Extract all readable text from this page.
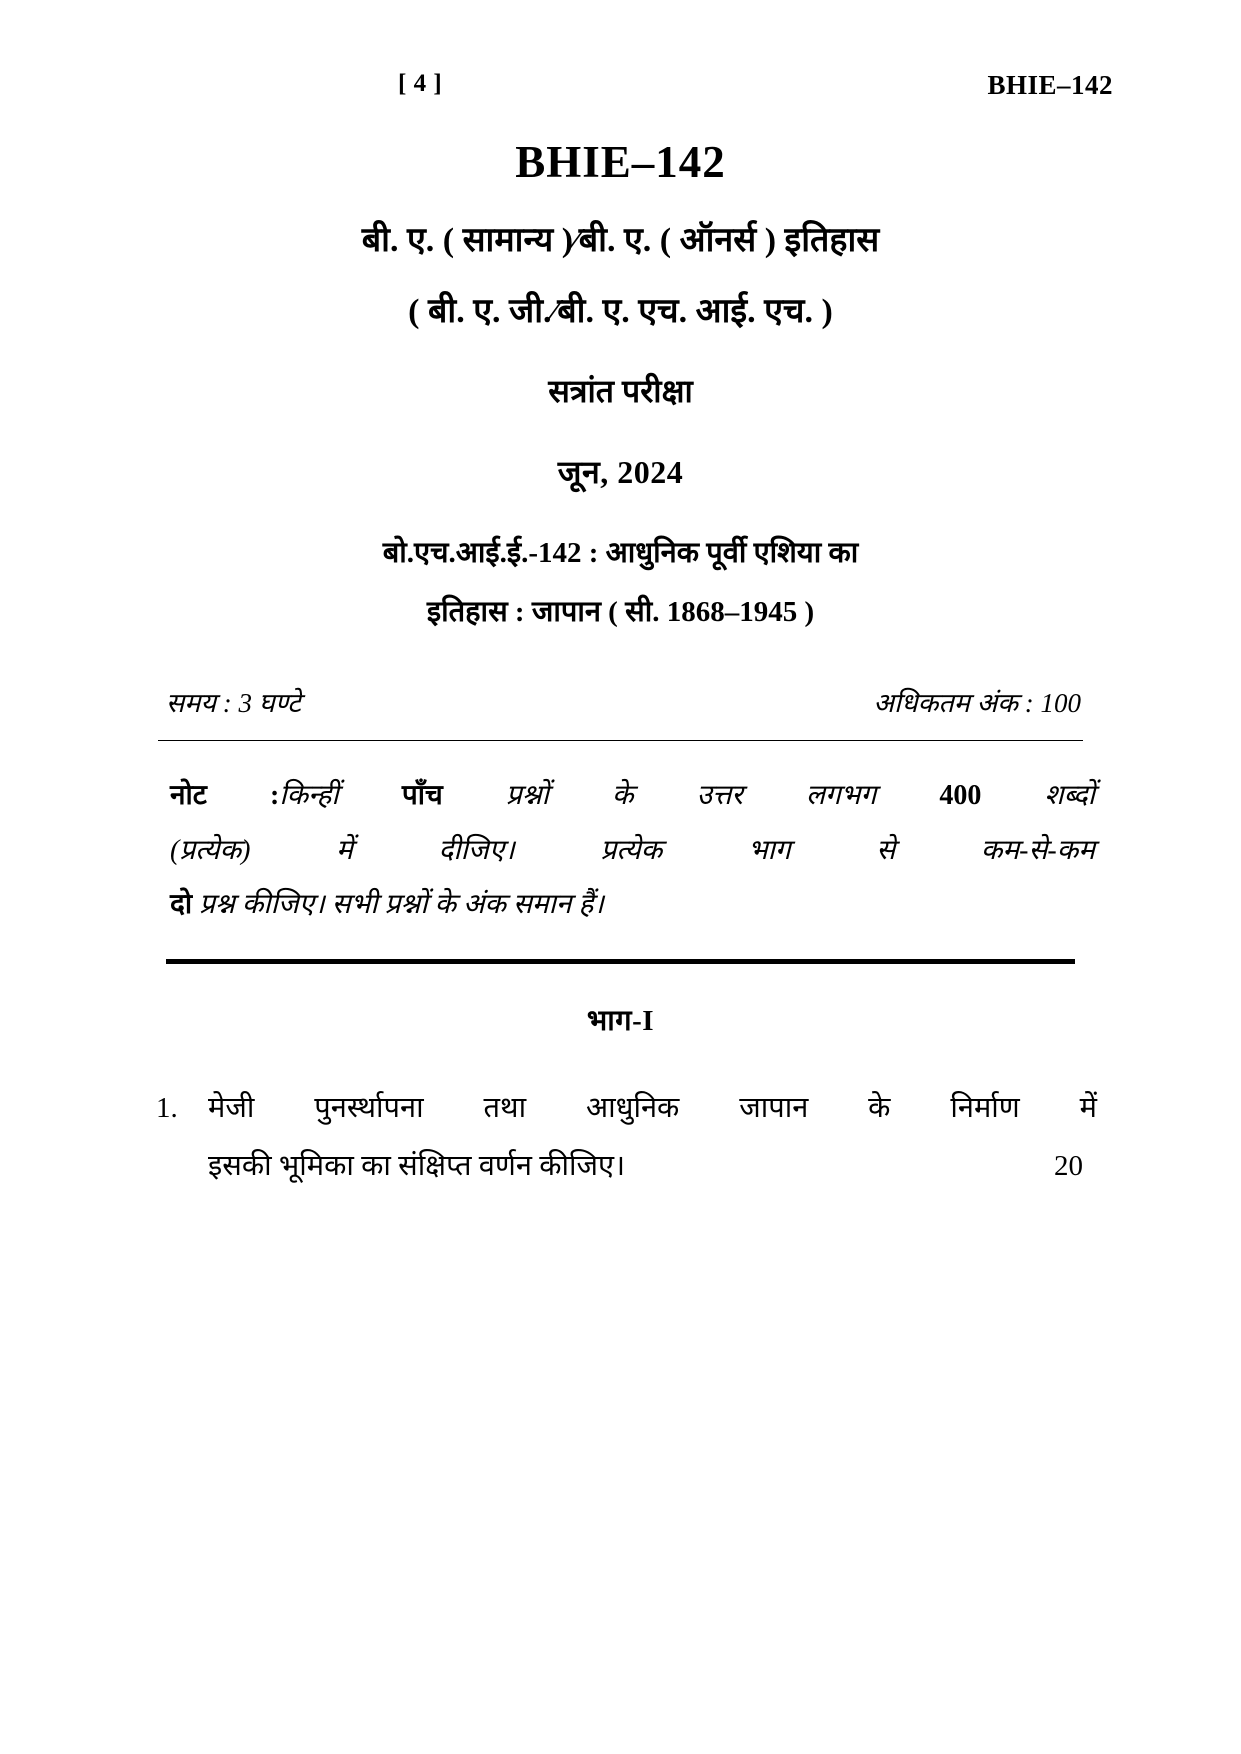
[ 4 ]	BHIE–142
BHIE–142
बी. ए. ( सामान्य )⁄बी. ए. ( ऑनर्स ) इतिहास
( बी. ए. जी.⁄बी. ए. एच. आई. एच. )
सत्रांत परीक्षा
जून, 2024
बो.एच.आई.ई.-142 : आधुनिक पूर्वी एशिया का
इतिहास : जापान ( सी. 1868–1945 )
समय : 3 घण्टे	अधिकतम अंक : 100
नोट :किन्हीं पाँच प्रश्नों के उत्तर लगभग 400 शब्दों
(प्रत्येक) में दीजिए। प्रत्येक भाग से कम-से-कम
दो प्रश्न कीजिए। सभी प्रश्नों के अंक समान हैं।
भाग-I
1.	मेजी पुनर्स्थापना तथा आधुनिक जापान के निर्माण में
इसकी भूमिका का संक्षिप्त वर्णन कीजिए।	20
